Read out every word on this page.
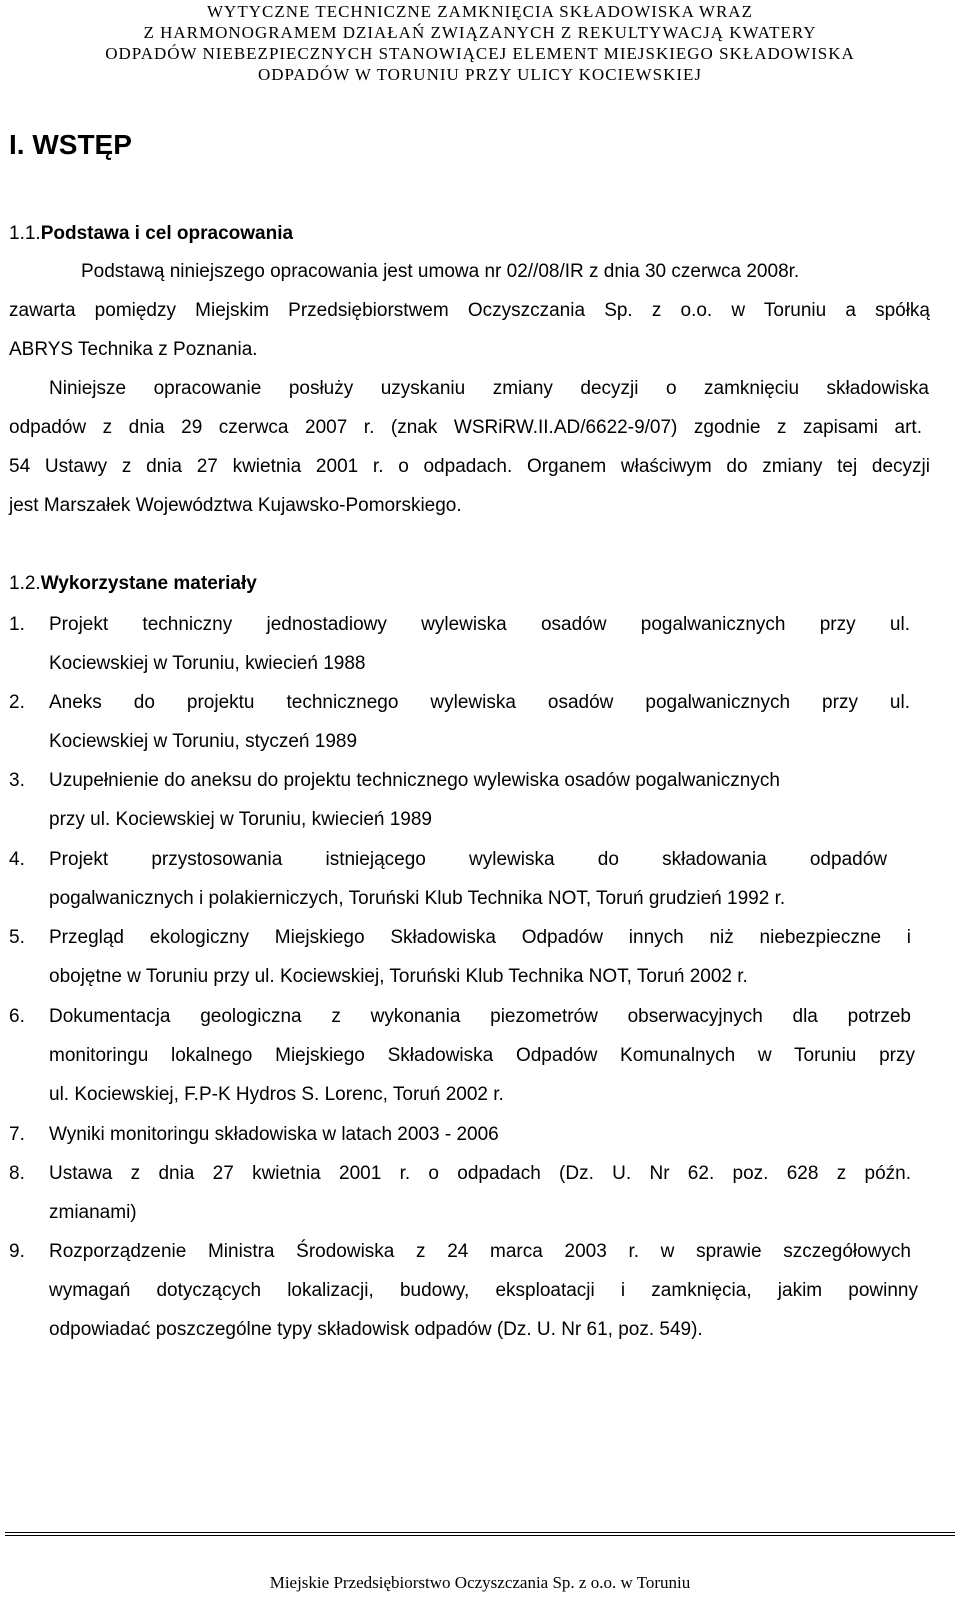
WYTYCZNE TECHNICZNE ZAMKNIĘCIA SKŁADOWISKA WRAZ
Z HARMONOGRAMEM DZIAŁAŃ ZWIĄZANYCH Z REKULTYWACJĄ KWATERY
ODPADÓW NIEBEZPIECZNYCH STANOWIĄCEJ ELEMENT MIEJSKIEGO SKŁADOWISKA
ODPADÓW W TORUNIU PRZY ULICY KOCIEWSKIEJ
I. WSTĘP
1.1.Podstawa i cel opracowania
Podstawą niniejszego opracowania jest umowa nr 02//08/IR z dnia 30 czerwca 2008r.
zawarta pomiędzy Miejskim Przedsiębiorstwem Oczyszczania Sp. z o.o. w Toruniu a spółką
ABRYS Technika z Poznania.
Niniejsze opracowanie posłuży uzyskaniu zmiany decyzji o zamknięciu składowiska
odpadów z dnia 29 czerwca 2007 r. (znak WSRiRW.II.AD/6622-9/07) zgodnie z zapisami art.
54 Ustawy z dnia 27 kwietnia 2001 r. o odpadach. Organem właściwym do zmiany tej decyzji
jest Marszałek Województwa Kujawsko-Pomorskiego.
1.2.Wykorzystane materiały
1. Projekt techniczny jednostadiowy wylewiska osadów pogalwanicznych przy ul.
Kociewskiej w Toruniu, kwiecień 1988
2. Aneks do projektu technicznego wylewiska osadów pogalwanicznych przy ul.
Kociewskiej w Toruniu, styczeń 1989
3. Uzupełnienie do aneksu do projektu technicznego wylewiska osadów pogalwanicznych
przy ul. Kociewskiej w Toruniu, kwiecień 1989
4. Projekt przystosowania istniejącego wylewiska do składowania odpadów
pogalwanicznych i polakierniczych, Toruński Klub Technika NOT, Toruń grudzień 1992 r.
5. Przegląd ekologiczny Miejskiego Składowiska Odpadów innych niż niebezpieczne i
obojętne w Toruniu przy ul. Kociewskiej, Toruński Klub Technika NOT, Toruń 2002 r.
6. Dokumentacja geologiczna z wykonania piezometrów obserwacyjnych dla potrzeb
monitoringu lokalnego Miejskiego Składowiska Odpadów Komunalnych w Toruniu przy
ul. Kociewskiej, F.P-K Hydros S. Lorenc, Toruń 2002 r.
7. Wyniki monitoringu składowiska w latach 2003 - 2006
8. Ustawa z dnia 27 kwietnia 2001 r. o odpadach (Dz. U. Nr 62. poz. 628 z późn.
zmianami)
9. Rozporządzenie Ministra Środowiska z 24 marca 2003 r. w sprawie szczegółowych
wymagań dotyczących lokalizacji, budowy, eksploatacji i zamknięcia, jakim powinny
odpowiadać poszczególne typy składowisk odpadów (Dz. U. Nr 61, poz. 549).
Miejskie Przedsiębiorstwo Oczyszczania Sp. z o.o. w Toruniu
